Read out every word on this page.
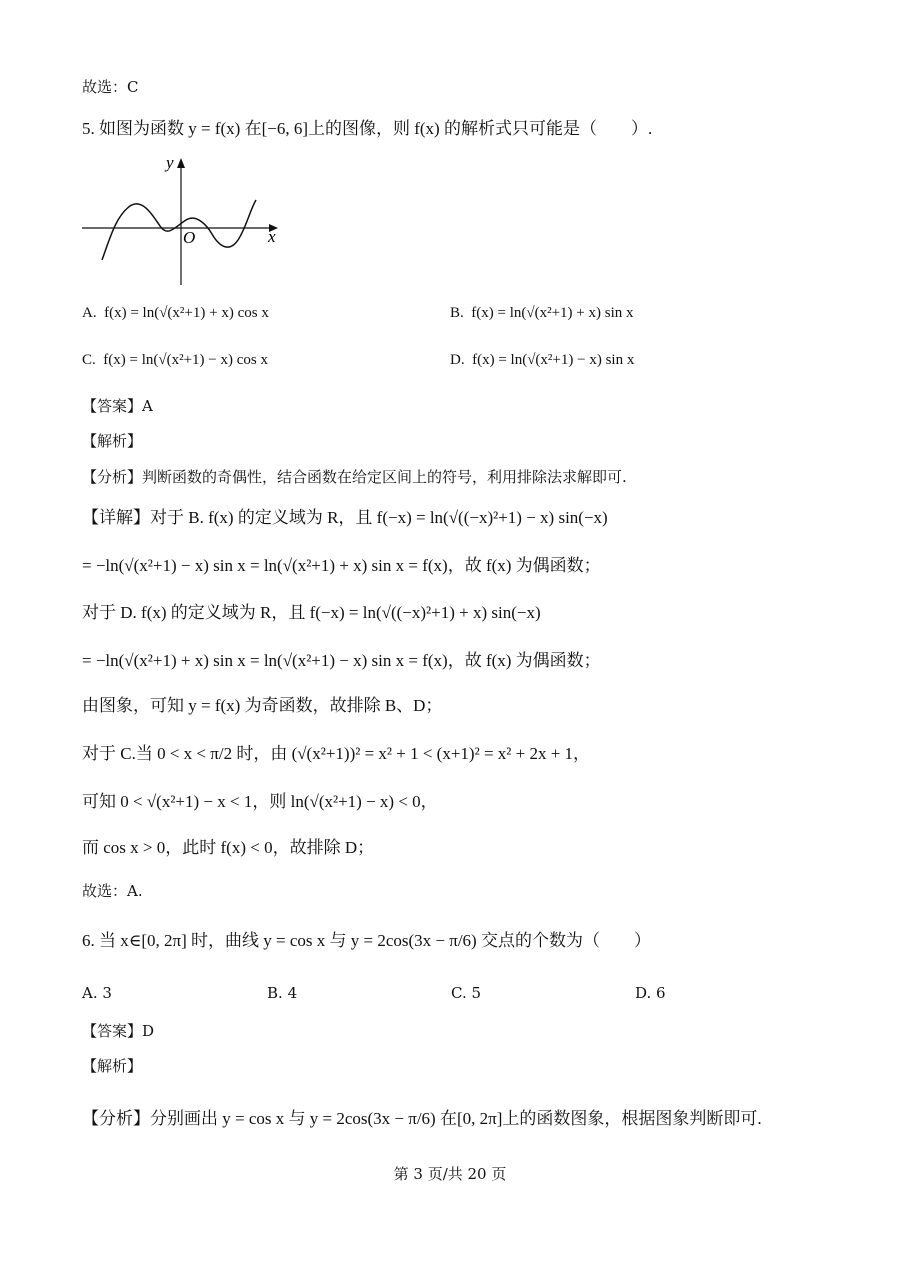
故选：C
5. 如图为函数 y = f(x) 在[−6, 6]上的图像，则 f(x) 的解析式只可能是（　　）.
y
x
O
A. f(x) = ln(√(x²+1) + x) cos x	B. f(x) = ln(√(x²+1) + x) sin x
C. f(x) = ln(√(x²+1) − x) cos x	D. f(x) = ln(√(x²+1) − x) sin x
【答案】A
【解析】
【分析】判断函数的奇偶性，结合函数在给定区间上的符号，利用排除法求解即可.
【详解】对于 B. f(x) 的定义域为 R，且 f(−x) = ln(√((−x)²+1) − x) sin(−x)
= −ln(√(x²+1) − x) sin x = ln(√(x²+1) + x) sin x = f(x)，故 f(x) 为偶函数；
对于 D. f(x) 的定义域为 R，且 f(−x) = ln(√((−x)²+1) + x) sin(−x)
= −ln(√(x²+1) + x) sin x = ln(√(x²+1) − x) sin x = f(x)，故 f(x) 为偶函数；
由图象，可知 y = f(x) 为奇函数，故排除 B、D；
对于 C.当 0 < x < π/2 时，由 (√(x²+1))² = x² + 1 < (x+1)² = x² + 2x + 1，
可知 0 < √(x²+1) − x < 1，则 ln(√(x²+1) − x) < 0，
而 cos x > 0，此时 f(x) < 0，故排除 D；
故选：A.
6. 当 x∈[0, 2π] 时，曲线 y = cos x 与 y = 2cos(3x − π/6) 交点的个数为（　　）
A. 3	B. 4	C. 5	D. 6
【答案】D
【解析】
【分析】分别画出 y = cos x 与 y = 2cos(3x − π/6) 在[0, 2π]上的函数图象，根据图象判断即可.
第 3 页/共 20 页
